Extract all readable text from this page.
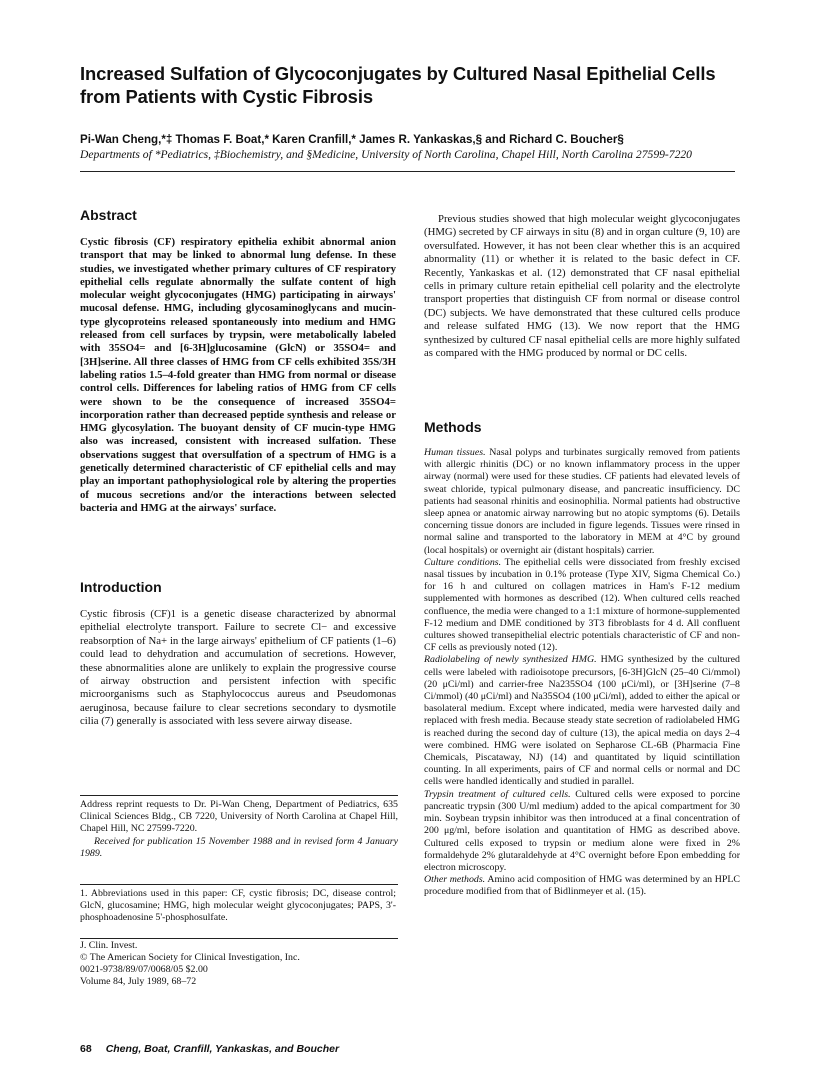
Increased Sulfation of Glycoconjugates by Cultured Nasal Epithelial Cells from Patients with Cystic Fibrosis
Pi-Wan Cheng,*‡ Thomas F. Boat,* Karen Cranfill,* James R. Yankaskas,§ and Richard C. Boucher§
Departments of *Pediatrics, ‡Biochemistry, and §Medicine, University of North Carolina, Chapel Hill, North Carolina 27599-7220
Abstract
Cystic fibrosis (CF) respiratory epithelia exhibit abnormal anion transport that may be linked to abnormal lung defense. In these studies, we investigated whether primary cultures of CF respiratory epithelial cells regulate abnormally the sulfate content of high molecular weight glycoconjugates (HMG) participating in airways' mucosal defense. HMG, including glycosaminoglycans and mucin-type glycoproteins released spontaneously into medium and HMG released from cell surfaces by trypsin, were metabolically labeled with 35SO4= and [6-3H]glucosamine (GlcN) or 35SO4= and [3H]serine. All three classes of HMG from CF cells exhibited 35S/3H labeling ratios 1.5–4-fold greater than HMG from normal or disease control cells. Differences for labeling ratios of HMG from CF cells were shown to be the consequence of increased 35SO4= incorporation rather than decreased peptide synthesis and release or HMG glycosylation. The buoyant density of CF mucin-type HMG also was increased, consistent with increased sulfation. These observations suggest that oversulfation of a spectrum of HMG is a genetically determined characteristic of CF epithelial cells and may play an important pathophysiological role by altering the properties of mucous secretions and/or the interactions between selected bacteria and HMG at the airways' surface.
Introduction
Cystic fibrosis (CF)1 is a genetic disease characterized by abnormal epithelial electrolyte transport. Failure to secrete Cl− and excessive reabsorption of Na+ in the large airways' epithelium of CF patients (1–6) could lead to dehydration and accumulation of secretions. However, these abnormalities alone are unlikely to explain the progressive course of airway obstruction and persistent infection with specific microorganisms such as Staphylococcus aureus and Pseudomonas aeruginosa, because failure to clear secretions secondary to dysmotile cilia (7) generally is associated with less severe airway disease.
Address reprint requests to Dr. Pi-Wan Cheng, Department of Pediatrics, 635 Clinical Sciences Bldg., CB 7220, University of North Carolina at Chapel Hill, Chapel Hill, NC 27599-7220.
Received for publication 15 November 1988 and in revised form 4 January 1989.
1. Abbreviations used in this paper: CF, cystic fibrosis; DC, disease control; GlcN, glucosamine; HMG, high molecular weight glycoconjugates; PAPS, 3'-phosphoadenosine 5'-phosphosulfate.
J. Clin. Invest.
© The American Society for Clinical Investigation, Inc.
0021-9738/89/07/0068/05 $2.00
Volume 84, July 1989, 68–72
Previous studies showed that high molecular weight glycoconjugates (HMG) secreted by CF airways in situ (8) and in organ culture (9, 10) are oversulfated. However, it has not been clear whether this is an acquired abnormality (11) or whether it is related to the basic defect in CF. Recently, Yankaskas et al. (12) demonstrated that CF nasal epithelial cells in primary culture retain epithelial cell polarity and the electrolyte transport properties that distinguish CF from normal or disease control (DC) subjects. We have demonstrated that these cultured cells produce and release sulfated HMG (13). We now report that the HMG synthesized by cultured CF nasal epithelial cells are more highly sulfated as compared with the HMG produced by normal or DC cells.
Methods

Human tissues. Nasal polyps and turbinates surgically removed from patients with allergic rhinitis (DC) or no known inflammatory process in the upper airway (normal) were used for these studies. CF patients had elevated levels of sweat chloride, typical pulmonary disease, and pancreatic insufficiency. DC patients had seasonal rhinitis and eosinophilia. Normal patients had obstructive sleep apnea or anatomic airway narrowing but no atopic symptoms (6). Details concerning tissue donors are included in figure legends. Tissues were rinsed in normal saline and transported to the laboratory in MEM at 4°C by ground (local hospitals) or overnight air (distant hospitals) carrier.

Culture conditions. The epithelial cells were dissociated from freshly excised nasal tissues by incubation in 0.1% protease (Type XIV, Sigma Chemical Co.) for 16 h and cultured on collagen matrices in Ham's F-12 medium supplemented with hormones as described (12). When cultured cells reached confluence, the media were changed to a 1:1 mixture of hormone-supplemented F-12 medium and DME conditioned by 3T3 fibroblasts for 4 d. All confluent cultures showed transepithelial electric potentials characteristic of CF and non-CF cells as previously noted (12).

Radiolabeling of newly synthesized HMG. HMG synthesized by the cultured cells were labeled with radioisotope precursors, [6-3H]GlcN (25–40 Ci/mmol) (20 μCi/ml) and carrier-free Na235SO4 (100 μCi/ml), or [3H]serine (7–8 Ci/mmol) (40 μCi/ml) and Na35SO4 (100 μCi/ml), added to either the apical or basolateral medium. Except where indicated, media were harvested daily and replaced with fresh media. Because steady state secretion of radiolabeled HMG is reached during the second day of culture (13), the apical media on days 2–4 were combined. HMG were isolated on Sepharose CL-6B (Pharmacia Fine Chemicals, Piscataway, NJ) (14) and quantitated by liquid scintillation counting. In all experiments, pairs of CF and normal cells or normal and DC cells were handled identically and studied in parallel.

Trypsin treatment of cultured cells. Cultured cells were exposed to porcine pancreatic trypsin (300 U/ml medium) added to the apical compartment for 30 min. Soybean trypsin inhibitor was then introduced at a final concentration of 200 μg/ml, before isolation and quantitation of HMG as described above. Cultured cells exposed to trypsin or medium alone were fixed in 2% formaldehyde 2% glutaraldehyde at 4°C overnight before Epon embedding for electron microscopy.

Other methods. Amino acid composition of HMG was determined by an HPLC procedure modified from that of Bidlinmeyer et al. (15).

68 Cheng, Boat, Cranfill, Yankaskas, and Boucher
